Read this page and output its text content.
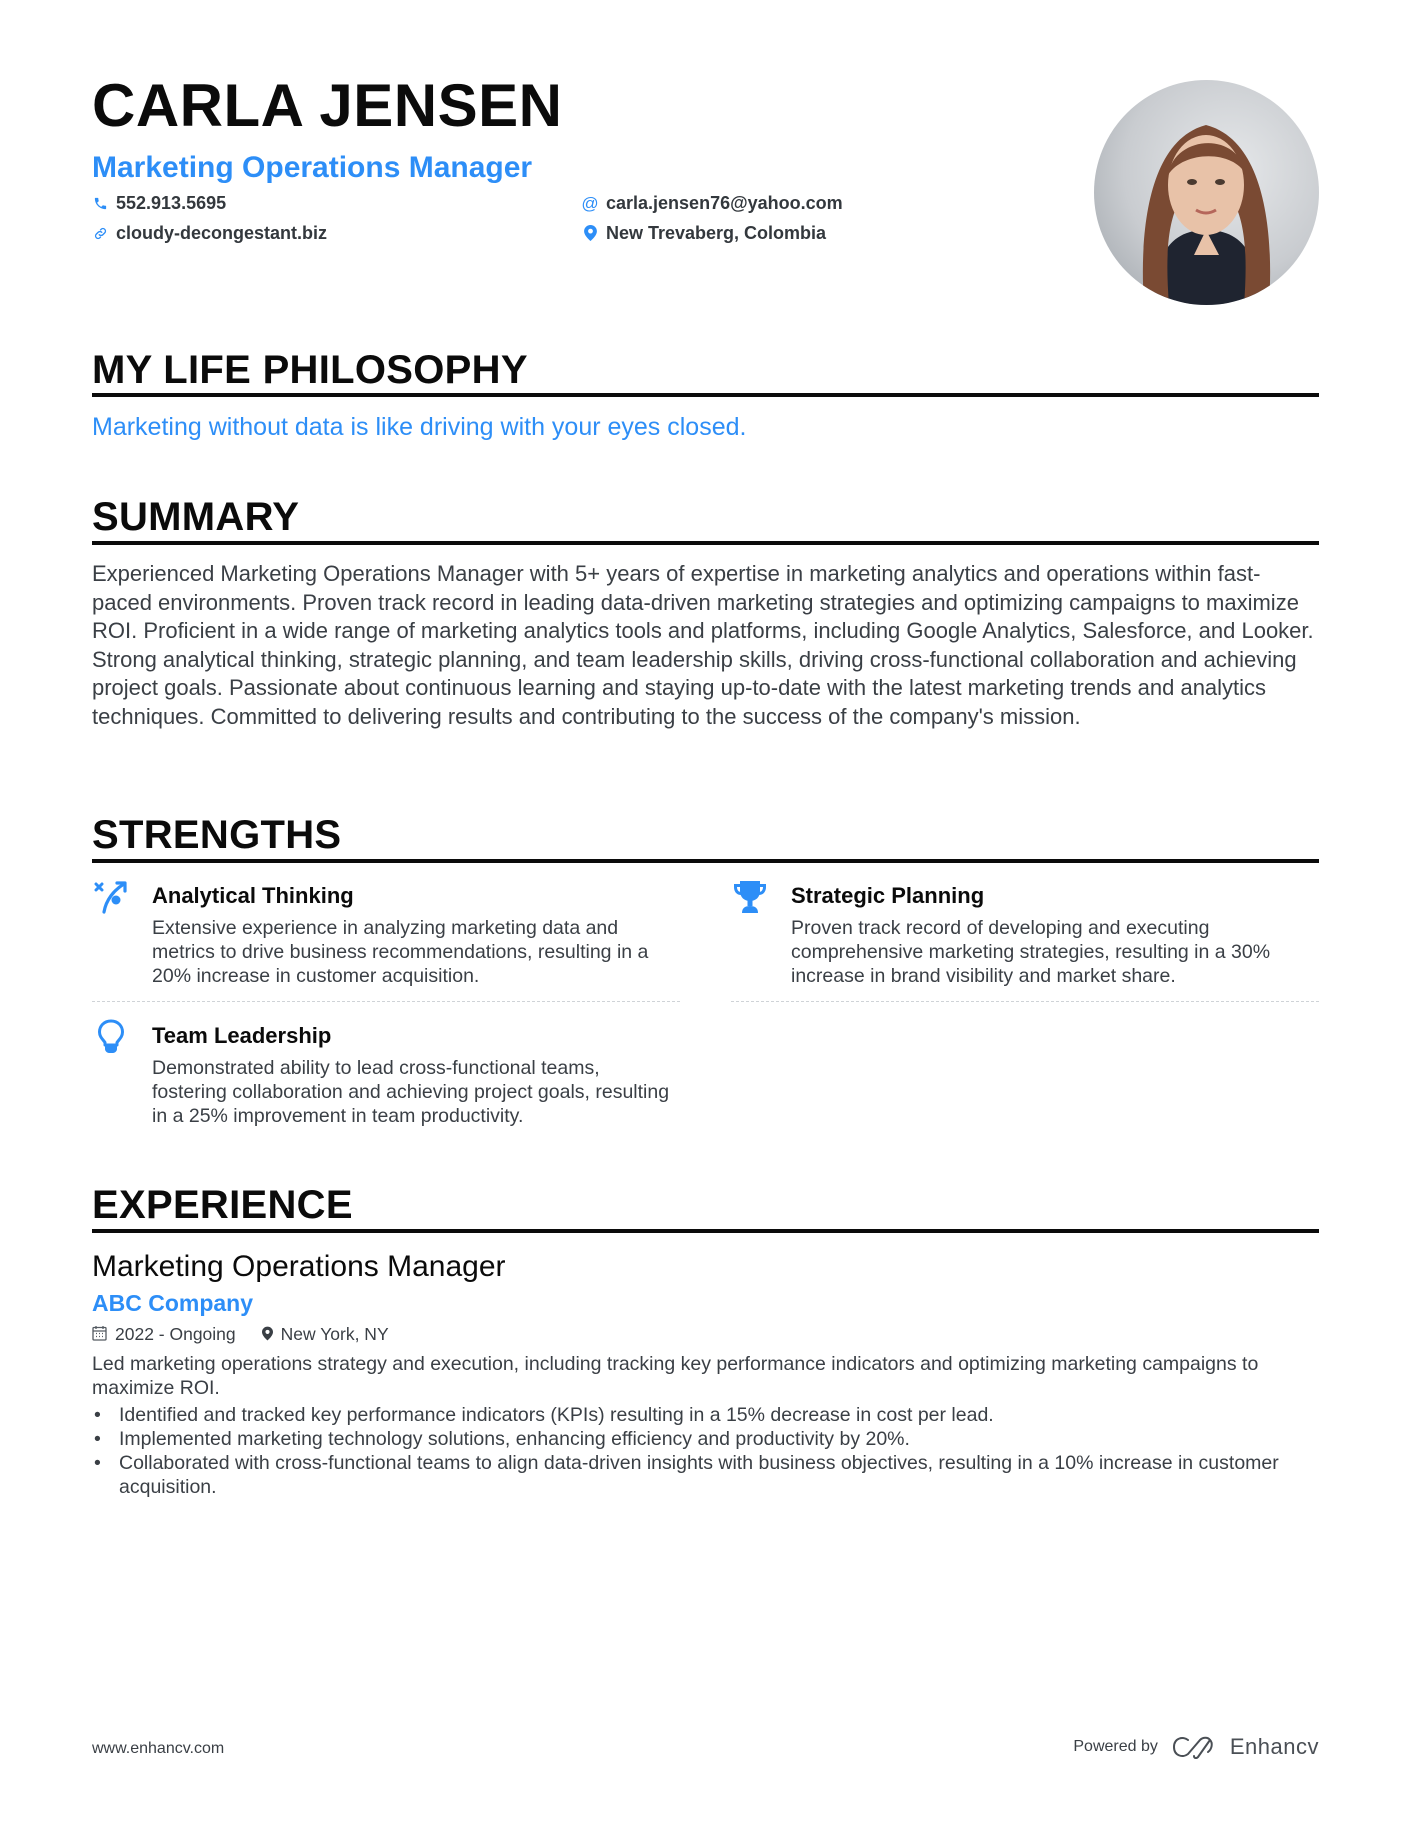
CARLA JENSEN
Marketing Operations Manager
552.913.5695	@ carla.jensen76@yahoo.com
cloudy-decongestant.biz	New Trevaberg, Colombia
MY LIFE PHILOSOPHY
Marketing without data is like driving with your eyes closed.
SUMMARY
Experienced Marketing Operations Manager with 5+ years of expertise in marketing analytics and operations within fast-paced environments. Proven track record in leading data-driven marketing strategies and optimizing campaigns to maximize ROI. Proficient in a wide range of marketing analytics tools and platforms, including Google Analytics, Salesforce, and Looker. Strong analytical thinking, strategic planning, and team leadership skills, driving cross-functional collaboration and achieving project goals. Passionate about continuous learning and staying up-to-date with the latest marketing trends and analytics techniques. Committed to delivering results and contributing to the success of the company's mission.
STRENGTHS
Analytical Thinking
Extensive experience in analyzing marketing data and metrics to drive business recommendations, resulting in a 20% increase in customer acquisition.
Strategic Planning
Proven track record of developing and executing comprehensive marketing strategies, resulting in a 30% increase in brand visibility and market share.
Team Leadership
Demonstrated ability to lead cross-functional teams, fostering collaboration and achieving project goals, resulting in a 25% improvement in team productivity.
EXPERIENCE
Marketing Operations Manager
ABC Company
2022 - Ongoing	New York, NY
Led marketing operations strategy and execution, including tracking key performance indicators and optimizing marketing campaigns to maximize ROI.
• Identified and tracked key performance indicators (KPIs) resulting in a 15% decrease in cost per lead.
• Implemented marketing technology solutions, enhancing efficiency and productivity by 20%.
• Collaborated with cross-functional teams to align data-driven insights with business objectives, resulting in a 10% increase in customer acquisition.
www.enhancv.com	Powered by	Enhancv
